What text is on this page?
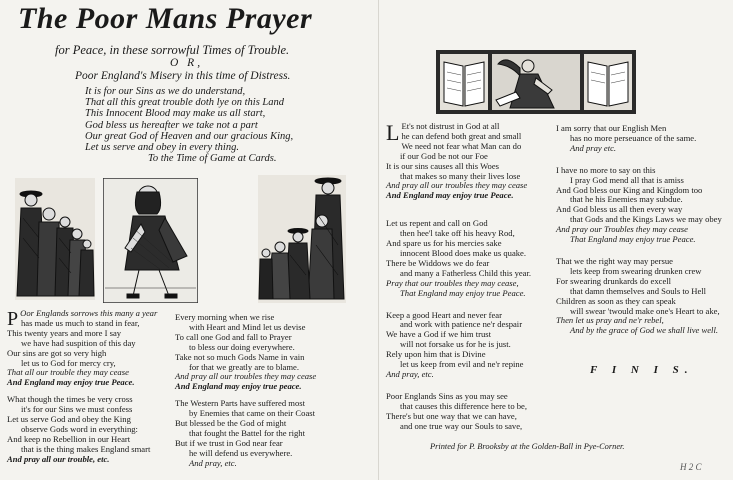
The Poor Mans Prayer
for Peace, in these sorrowful Times of Trouble.
O R,
Poor England's Misery in this time of Distress.
It is for our Sins as we do understand,
That all this great trouble doth lye on this Land
This Innocent Blood may make us all start,
God bless us hereafter we take not a part
Our great God of Heaven and our gracious King,
Let us serve and obey in every thing.
To the Time of Game at Cards.
P Oor Englands sorrows this many a year
has made us much to stand in fear,
This twenty years and more I say
we have had suspition of this day
Our sins are got so very high
let us to God for mercy cry,
That all our trouble they may cease
And England may enjoy true Peace.
What though the times be very cross
it's for our Sins we must confess
Let us serve God and obey the King
observe Gods word in everything:
And keep no Rebellion in our Heart
that is the thing makes England smart
And pray all our trouble, etc.
Every morning when we rise
with Heart and Mind let us devise
To call one God and fall to Prayer
to bless our doing everywhere.
Take not so much Gods Name in vain
for that we greatly are to blame.
And pray all our troubles they may cease
And England may enjoy true peace.
The Western Parts have suffered most
by Enemies that came on their Coast
But blessed be the God of might
that fought the Battel for the right
But if we trust in God near fear
he will defend us everywhere.
And pray, etc.
L Et's not distrust in God at all
he can defend both great and small
We need not fear what Man can do
if our God be not our Foe
It is our sins causes all this Woes
that makes so many their lives lose
And pray all our troubles they may cease
And England may enjoy true Peace.
Let us repent and call on God
then hee'l take off his heavy Rod,
And spare us for his mercies sake
innocent Blood does make us quake.
There be Widdows we do fear
and many a Fatherless Child this year.
Pray that our troubles they may cease,
That England may enjoy true Peace.
Keep a good Heart and never fear
and work with patience ne'r despair
We have a God if we him trust
will not forsake us for he is just.
Rely upon him that is Divine
let us keep from evil and ne'r repine
And pray, etc.
Poor Englands Sins as you may see
that causes this difference here to be,
There's but one way that we can have,
and one true way our Souls to save,
I am sorry that our English Men
has no more perseuance of the same.
And pray etc.
I have no more to say on this
I pray God mend all that is amiss
And God bless our King and Kingdom too
that he his Enemies may subdue.
And God bless us all then every way
that Gods and the Kings Laws we may obey
And pray our Troubles they may cease
That England may enjoy true Peace.
That we the right way may persue
lets keep from swearing drunken crew
For swearing drunkards do excell
that damn themselves and Souls to Hell
Children as soon as they can speak
will swear 'twould make one's Heart to ake,
Then let us pray and ne'r rebel,
And by the grace of God we shall live well.
F I N I S.
Printed for P. Brooksby at the Golden-Ball in Pye-Corner.
H 2 C
